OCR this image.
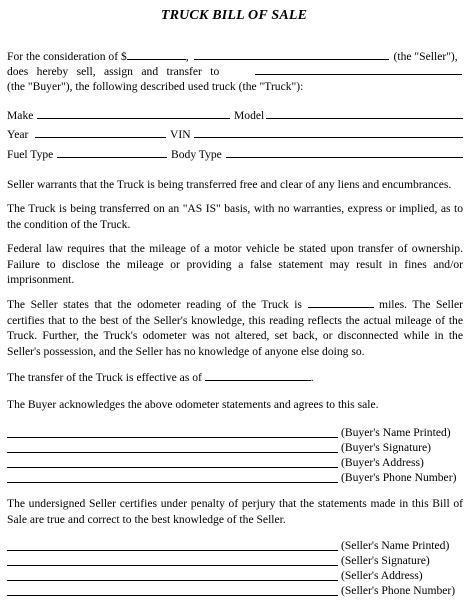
TRUCK BILL OF SALE
For the consideration of $	,	(the "Seller"),
does hereby sell, assign and transfer to
(the "Buyer"), the following described used truck (the "Truck"):
Make	Model
Year	VIN
Fuel Type	Body Type
Seller warrants that the Truck is being transferred free and clear of any liens and encumbrances.
The Truck is being transferred on an "AS IS" basis, with no warranties, express or implied, as to the condition of the Truck.
Federal law requires that the mileage of a motor vehicle be stated upon transfer of ownership. Failure to disclose the mileage or providing a false statement may result in fines and/or imprisonment.
The Seller states that the odometer reading of the Truck is	miles. The Seller certifies that to the best of the Seller's knowledge, this reading reflects the actual mileage of the Truck. Further, the Truck's odometer was not altered, set back, or disconnected while in the Seller's possession, and the Seller has no knowledge of anyone else doing so.
The transfer of the Truck is effective as of	.
The Buyer acknowledges the above odometer statements and agrees to this sale.
(Buyer's Name Printed)
(Buyer's Signature)
(Buyer's Address)
(Buyer's Phone Number)
The undersigned Seller certifies under penalty of perjury that the statements made in this Bill of Sale are true and correct to the best knowledge of the Seller.
(Seller's Name Printed)
(Seller's Signature)
(Seller's Address)
(Seller's Phone Number)
